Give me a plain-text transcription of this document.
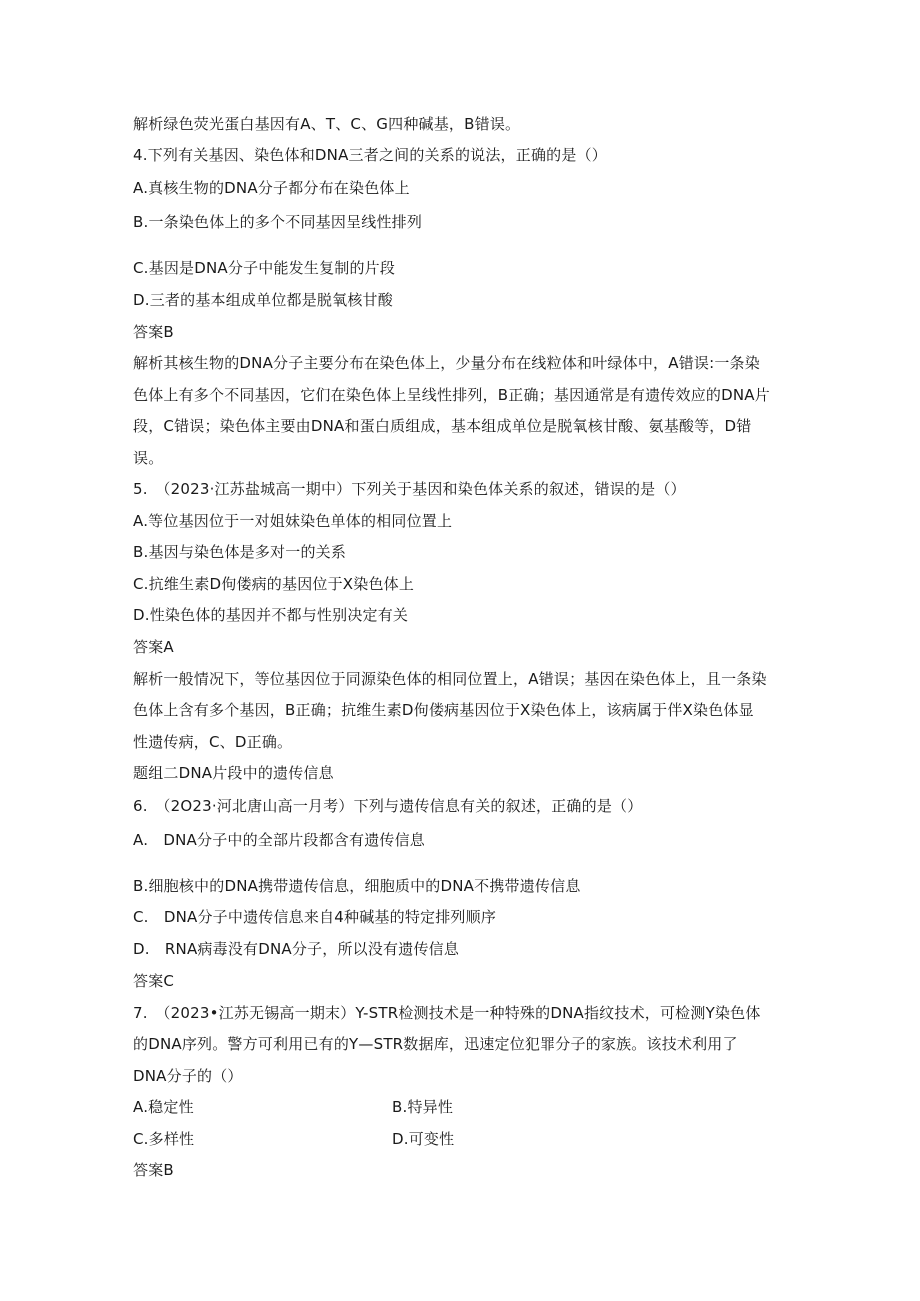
解析绿色荧光蛋白基因有A、T、C、G四种碱基，B错误。
4.下列有关基因、染色体和DNA三者之间的关系的说法，正确的是（）
A.真核生物的DNA分子都分布在染色体上
B.一条染色体上的多个不同基因呈线性排列
C.基因是DNA分子中能发生复制的片段
D.三者的基本组成单位都是脱氧核甘酸
答案B
解析其核生物的DNA分子主要分布在染色体上，少量分布在线粒体和叶绿体中，A错误:一条染
色体上有多个不同基因，它们在染色体上呈线性排列，B正确；基因通常是有遗传效应的DNA片
段，C错误；染色体主要由DNA和蛋白质组成，基本组成单位是脱氧核甘酸、氨基酸等，D错
误。
5.　（2023·江苏盐城高一期中）下列关于基因和染色体关系的叙述，错误的是（）
A.等位基因位于一对姐妹染色单体的相同位置上
B.基因与染色体是多对一的关系
C.抗维生素D佝偻病的基因位于X染色体上
D.性染色体的基因并不都与性别决定有关
答案A
解析一般情况下，等位基因位于同源染色体的相同位置上，A错误；基因在染色体上，且一条染
色体上含有多个基因，B正确；抗维生素D佝偻病基因位于X染色体上，该病属于伴X染色体显
性遗传病，C、D正确。
题组二DNA片段中的遗传信息
6.　（2O23·河北唐山高一月考）下列与遗传信息有关的叙述，正确的是（）
A.　DNA分子中的全部片段都含有遗传信息
B.细胞核中的DNA携带遗传信息，细胞质中的DNA不携带遗传信息
C.　DNA分子中遗传信息来自4种碱基的特定排列顺序
D.　RNA病毒没有DNA分子，所以没有遗传信息
答案C
7.　（2023•江苏无锡高一期末）Y-STR检测技术是一种特殊的DNA指纹技术，可检测Y染色体
的DNA序列。警方可利用已有的Y—STR数据库，迅速定位犯罪分子的家族。该技术利用了
DNA分子的（）
A.稳定性	B.特异性
C.多样性	D.可变性
答案B
